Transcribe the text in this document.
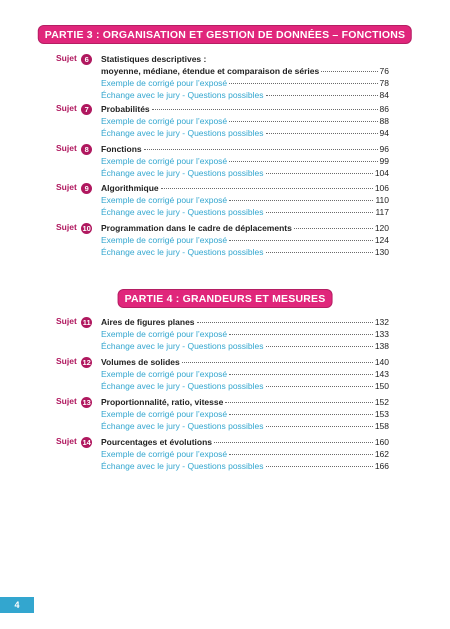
PARTIE 3 : ORGANISATION ET GESTION DE DONNÉES – FONCTIONS
Sujet 6	Statistiques descriptives :
moyenne, médiane, étendue et comparaison de séries	76
Exemple de corrigé pour l’exposé	78
Échange avec le jury - Questions possibles	84
Sujet 7	Probabilités	86
Exemple de corrigé pour l’exposé	88
Échange avec le jury - Questions possibles	94
Sujet 8	Fonctions	96
Exemple de corrigé pour l’exposé	99
Échange avec le jury - Questions possibles	104
Sujet 9	Algorithmique	106
Exemple de corrigé pour l’exposé	110
Échange avec le jury - Questions possibles	117
Sujet 10 Programmation dans le cadre de déplacements	120
Exemple de corrigé pour l’exposé	124
Échange avec le jury - Questions possibles	130
PARTIE 4 : GRANDEURS ET MESURES
Sujet 11 Aires de figures planes	132
Exemple de corrigé pour l’exposé	133
Échange avec le jury - Questions possibles	138
Sujet 12 Volumes de solides	140
Exemple de corrigé pour l’exposé	143
Échange avec le jury - Questions possibles	150
Sujet 13 Proportionnalité, ratio, vitesse	152
Exemple de corrigé pour l’exposé	153
Échange avec le jury - Questions possibles	158
Sujet 14 Pourcentages et évolutions	160
Exemple de corrigé pour l’exposé	162
Échange avec le jury - Questions possibles	166
4
